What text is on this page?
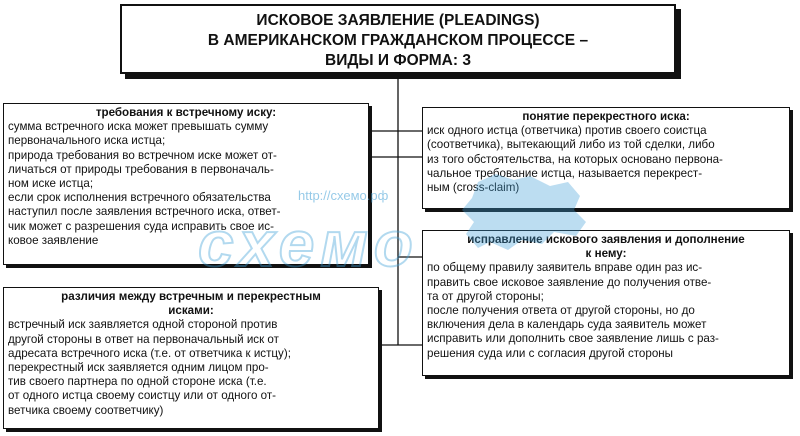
ИСКОВОЕ ЗАЯВЛЕНИЕ (PLEADINGS)
В АМЕРИКАНСКОМ ГРАЖДАНСКОМ ПРОЦЕССЕ –
ВИДЫ И ФОРМА: 3
требования к встречному иску:
сумма встречного иска может превышать сумму
первоначального иска истца;
природа требования во встречном иске может от-
личаться от природы требования в первоначаль-
ном иске истца;
если срок исполнения встречного обязательства
наступил после заявления встречного иска, ответ-
чик может с разрешения суда исправить свое ис-
ковое заявление
различия между встречным и перекрестным
исками:
встречный иск заявляется одной стороной против
другой стороны в ответ на первоначальный иск от
адресата встречного иска (т.е. от ответчика к истцу);
перекрестный иск заявляется одним лицом про-
тив своего партнера по одной стороне иска (т.е.
от одного истца своему соистцу или от одного от-
ветчика своему соответчику)
понятие перекрестного иска:
иск одного истца (ответчика) против своего соистца
(соответчика), вытекающий либо из той сделки, либо
из того обстоятельства, на которых основано первона-
чальное требование истца, называется перекрест-
ным (cross-claim)
исправление искового заявления и дополнение
к нему:
по общему правилу заявитель вправе один раз ис-
править свое исковое заявление до получения отве-
та от другой стороны;
после получения ответа от другой стороны, но до
включения дела в календарь суда заявитель может
исправить или дополнить свое заявление лишь с раз-
решения суда или с согласия другой стороны
http://схемо.рф
схемо
